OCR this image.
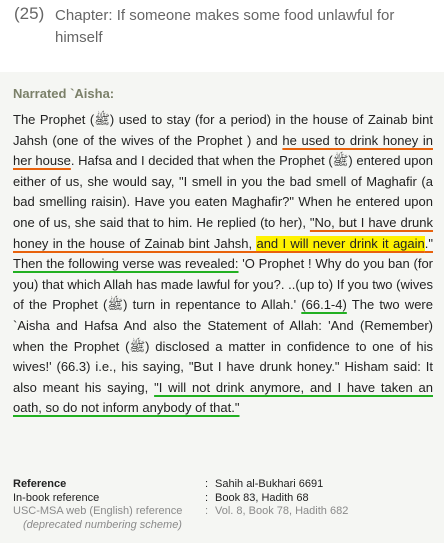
(25) Chapter: If someone makes some food unlawful for himself
Narrated `Aisha:
The Prophet (ﷺ) used to stay (for a period) in the house of Zainab bint Jahsh (one of the wives of the Prophet ) and he used to drink honey in her house. Hafsa and I decided that when the Prophet (ﷺ) entered upon either of us, she would say, "I smell in you the bad smell of Maghafir (a bad smelling raisin). Have you eaten Maghafir?" When he entered upon one of us, she said that to him. He replied (to her), "No, but I have drunk honey in the house of Zainab bint Jahsh, and I will never drink it again." Then the following verse was revealed: 'O Prophet ! Why do you ban (for you) that which Allah has made lawful for you?. ..(up to) If you two (wives of the Prophet (ﷺ) turn in repentance to Allah.' (66.1-4) The two were `Aisha and Hafsa And also the Statement of Allah: 'And (Remember) when the Prophet (ﷺ) disclosed a matter in confidence to one of his wives!' (66.3) i.e., his saying, "But I have drunk honey." Hisham said: It also meant his saying, "I will not drink anymore, and I have taken an oath, so do not inform anybody of that."
Reference	: Sahih al-Bukhari 6691
In-book reference	: Book 83, Hadith 68
USC-MSA web (English) reference	: Vol. 8, Book 78, Hadith 682
(deprecated numbering scheme)
